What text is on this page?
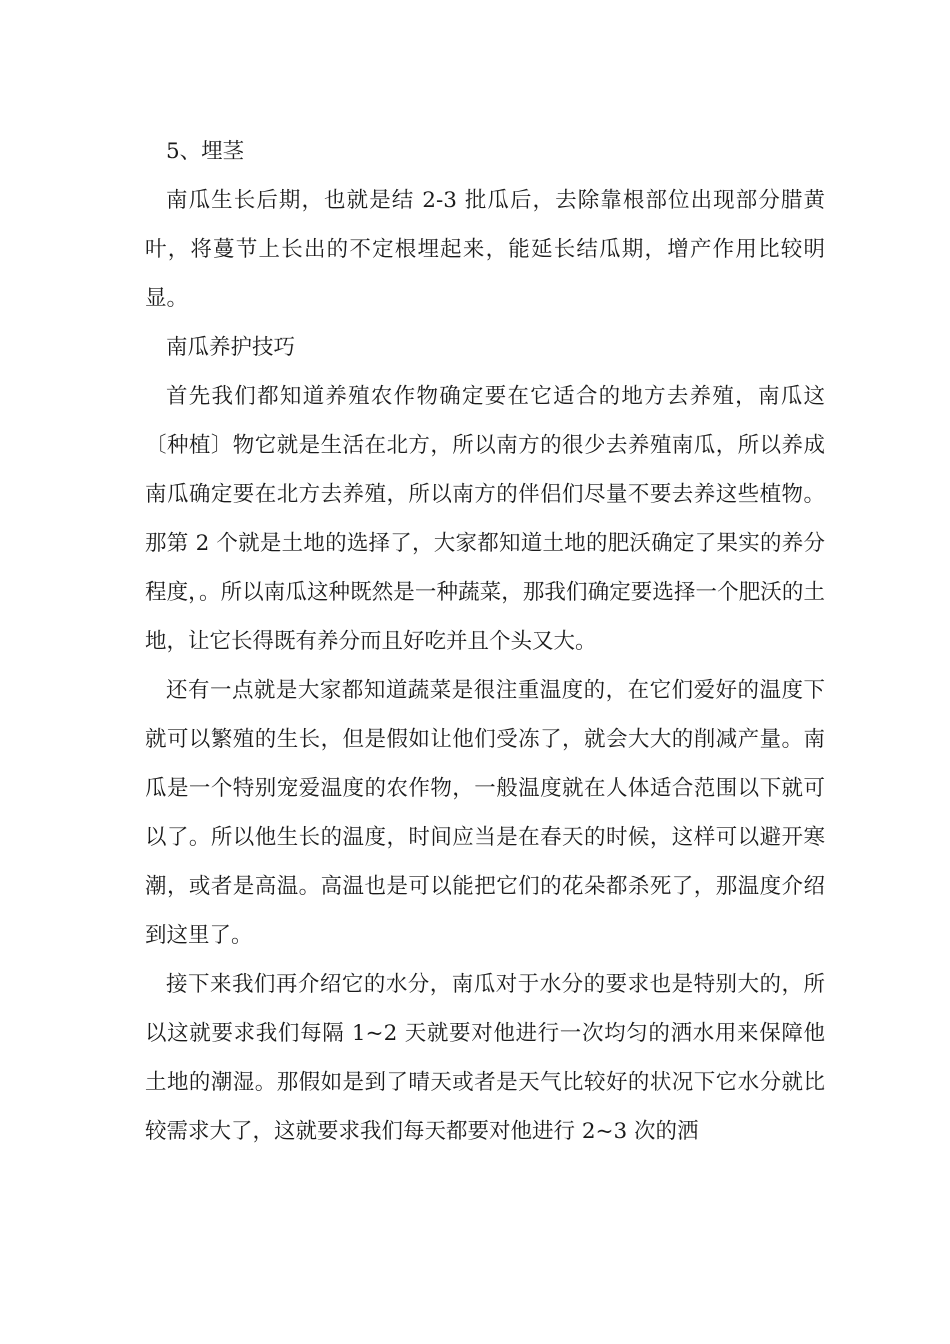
5、埋茎

南瓜生长后期，也就是结 2-3 批瓜后，去除靠根部位出现部分腊黄叶，将蔓节上长出的不定根埋起来，能延长结瓜期，增产作用比较明显。

南瓜养护技巧

首先我们都知道养殖农作物确定要在它适合的地方去养殖，南瓜这〔种植〕物它就是生活在北方，所以南方的很少去养殖南瓜，所以养成南瓜确定要在北方去养殖，所以南方的伴侣们尽量不要去养这些植物。那第 2 个就是土地的选择了，大家都知道土地的肥沃确定了果实的养分程度，。所以南瓜这种既然是一种蔬菜，那我们确定要选择一个肥沃的土地，让它长得既有养分而且好吃并且个头又大。

还有一点就是大家都知道蔬菜是很注重温度的，在它们爱好的温度下就可以繁殖的生长，但是假如让他们受冻了，就会大大的削减产量。南瓜是一个特别宠爱温度的农作物，一般温度就在人体适合范围以下就可以了。所以他生长的温度，时间应当是在春天的时候，这样可以避开寒潮，或者是高温。高温也是可以能把它们的花朵都杀死了，那温度介绍到这里了。

接下来我们再介绍它的水分，南瓜对于水分的要求也是特别大的，所以这就要求我们每隔 1~2 天就要对他进行一次均匀的洒水用来保障他土地的潮湿。那假如是到了晴天或者是天气比较好的状况下它水分就比较需求大了，这就要求我们每天都要对他进行 2~3 次的洒
